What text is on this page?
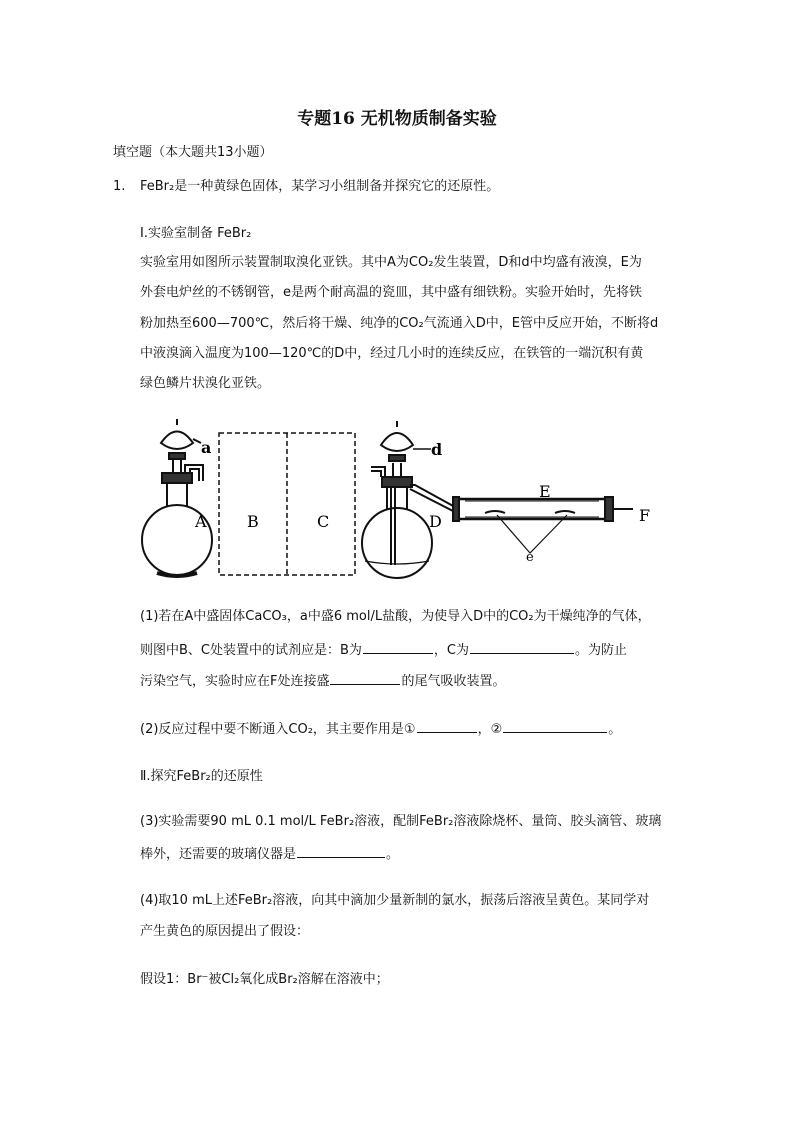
专题16 无机物质制备实验
填空题（本大题共13小题）
1. FeBr₂是一种黄绿色固体，某学习小组制备并探究它的还原性。
I.实验室制备 FeBr₂
实验室用如图所示装置制取溴化亚铁。其中A为CO₂发生装置，D和d中均盛有液溴，E为
外套电炉丝的不锈钢管，e是两个耐高温的瓷皿，其中盛有细铁粉。实验开始时，先将铁
粉加热至600—700℃，然后将干燥、纯净的CO₂气流通入D中，E管中反应开始，不断将d
中液溴滴入温度为100—120℃的D中，经过几小时的连续反应，在铁管的一端沉积有黄
绿色鳞片状溴化亚铁。
a
A	B	C
d
D
E
e
F
(1)若在A中盛固体CaCO₃，a中盛6 mol/L盐酸，为使导入D中的CO₂为干燥纯净的气体，
则图中B、C处装置中的试剂应是：B为	，C为	。为防止
污染空气，实验时应在F处连接盛	的尾气吸收装置。
(2)反应过程中要不断通入CO₂，其主要作用是①	，②	。
Ⅱ.探究FeBr₂的还原性
(3)实验需要90 mL 0.1 mol/L FeBr₂溶液，配制FeBr₂溶液除烧杯、量筒、胶头滴管、玻璃
棒外，还需要的玻璃仪器是	。
(4)取10 mL上述FeBr₂溶液，向其中滴加少量新制的氯水，振荡后溶液呈黄色。某同学对
产生黄色的原因提出了假设：
假设1：Br⁻被Cl₂氧化成Br₂溶解在溶液中；
